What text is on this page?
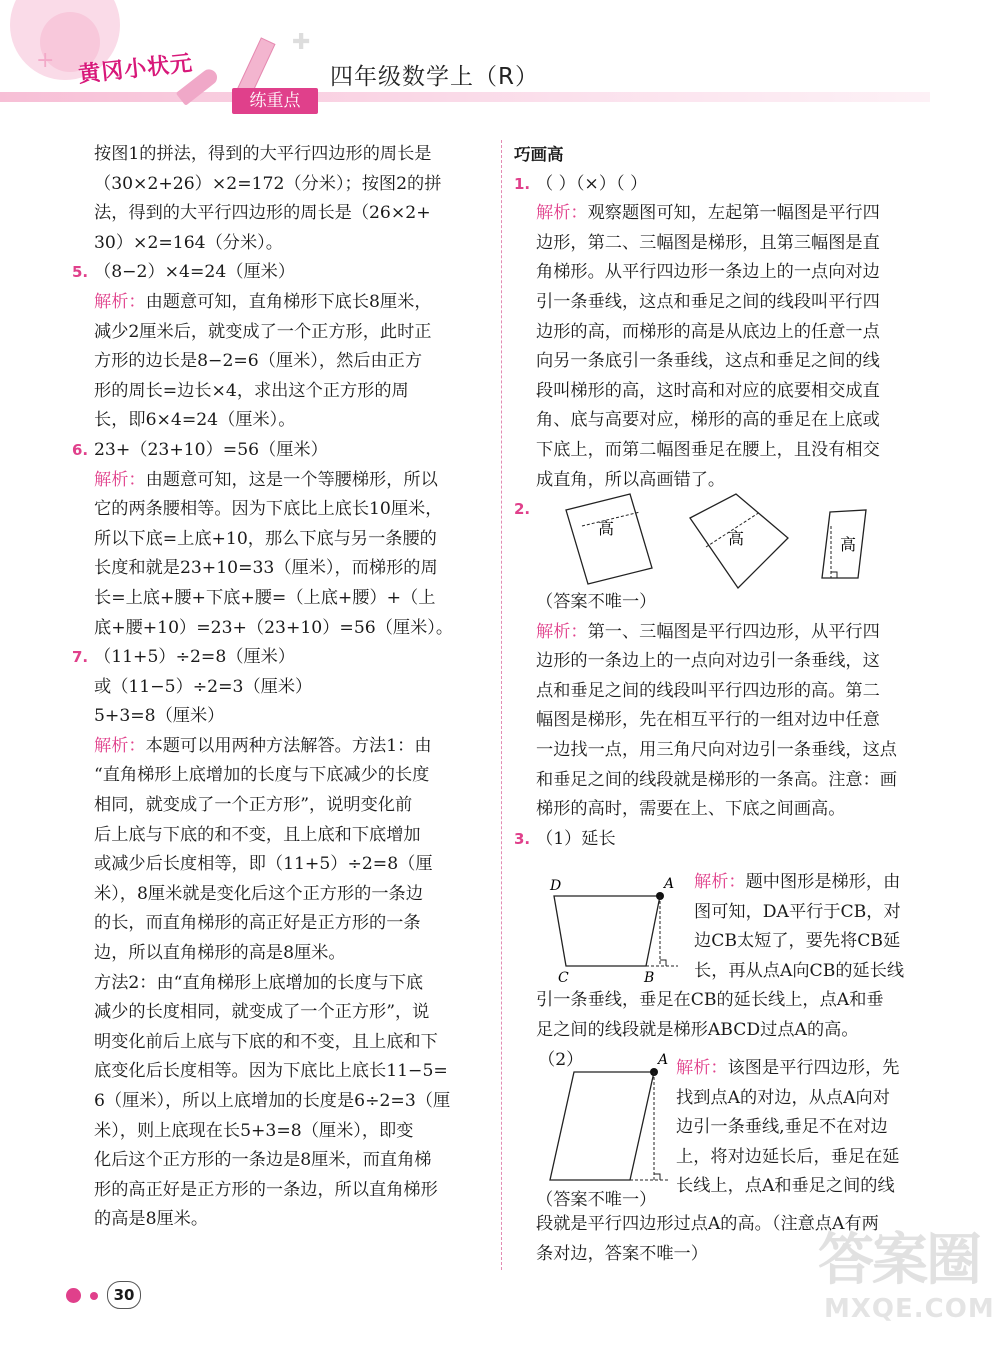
+
✚
黄冈小状元
练重点
四年级数学上（R）
按图1的拼法，得到的大平行四边形的周长是
（30×2+26）×2=172（分米）；按图2的拼
法，得到的大平行四边形的周长是（26×2+
30）×2=164（分米）。
5. （8−2）×4=24（厘米）
解析：由题意可知，直角梯形下底长8厘米，
减少2厘米后，就变成了一个正方形，此时正
方形的边长是8−2=6（厘米），然后由正方
形的周长=边长×4，求出这个正方形的周
长，即6×4=24（厘米）。
6. 23+（23+10）=56（厘米）
解析：由题意可知，这是一个等腰梯形，所以
它的两条腰相等。因为下底比上底长10厘米，
所以下底=上底+10，那么下底与另一条腰的
长度和就是23+10=33（厘米），而梯形的周
长=上底+腰+下底+腰=（上底+腰）+（上
底+腰+10）=23+（23+10）=56（厘米）。
7. （11+5）÷2=8（厘米）
或（11−5）÷2=3（厘米）
5+3=8（厘米）
解析：本题可以用两种方法解答。方法1：由
“直角梯形上底增加的长度与下底减少的长度
相同，就变成了一个正方形”，说明变化前
后上底与下底的和不变，且上底和下底增加
或减少后长度相等，即（11+5）÷2=8（厘
米），8厘米就是变化后这个正方形的一条边
的长，而直角梯形的高正好是正方形的一条
边，所以直角梯形的高是8厘米。
方法2：由“直角梯形上底增加的长度与下底
减少的长度相同，就变成了一个正方形”，说
明变化前后上底与下底的和不变，且上底和下
底变化后长度相等。因为下底比上底长11−5=
6（厘米），所以上底增加的长度是6÷2=3（厘
米），则上底现在长5+3=8（厘米），即变
化后这个正方形的一条边是8厘米，而直角梯
形的高正好是正方形的一条边，所以直角梯形
的高是8厘米。
巧画高
1. （ ）（×）（ ）
解析：观察题图可知，左起第一幅图是平行四
边形，第二、三幅图是梯形，且第三幅图是直
角梯形。从平行四边形一条边上的一点向对边
引一条垂线，这点和垂足之间的线段叫平行四
边形的高，而梯形的高是从底边上的任意一点
向另一条底引一条垂线，这点和垂足之间的线
段叫梯形的高，这时高和对应的底要相交成直
角、底与高要对应，梯形的高的垂足在上底或
下底上，而第二幅图垂足在腰上，且没有相交
成直角，所以高画错了。
2.
高
高	高
（答案不唯一）
解析：第一、三幅图是平行四边形，从平行四
边形的一条边上的一点向对边引一条垂线，这
点和垂足之间的线段叫平行四边形的高。第二
幅图是梯形，先在相互平行的一组对边中任意
一边找一点，用三角尺向对边引一条垂线，这点
和垂足之间的线段就是梯形的一条高。注意：画
梯形的高时，需要在上、下底之间画高。
3. （1）延长
D	A
C	B
解析：题中图形是梯形，由
图可知，DA平行于CB，对
边CB太短了，要先将CB延
长，再从点A向CB的延长线
引一条垂线，垂足在CB的延长线上，点A和垂
足之间的线段就是梯形ABCD过点A的高。
（2）	A
（答案不唯一）
解析：该图是平行四边形，先
找到点A的对边，从点A向对
边引一条垂线,垂足不在对边
上，将对边延长后，垂足在延
长线上，点A和垂足之间的线
段就是平行四边形过点A的高。（注意点A有两
条对边，答案不唯一）
30
答案圈
MXQE.COM
